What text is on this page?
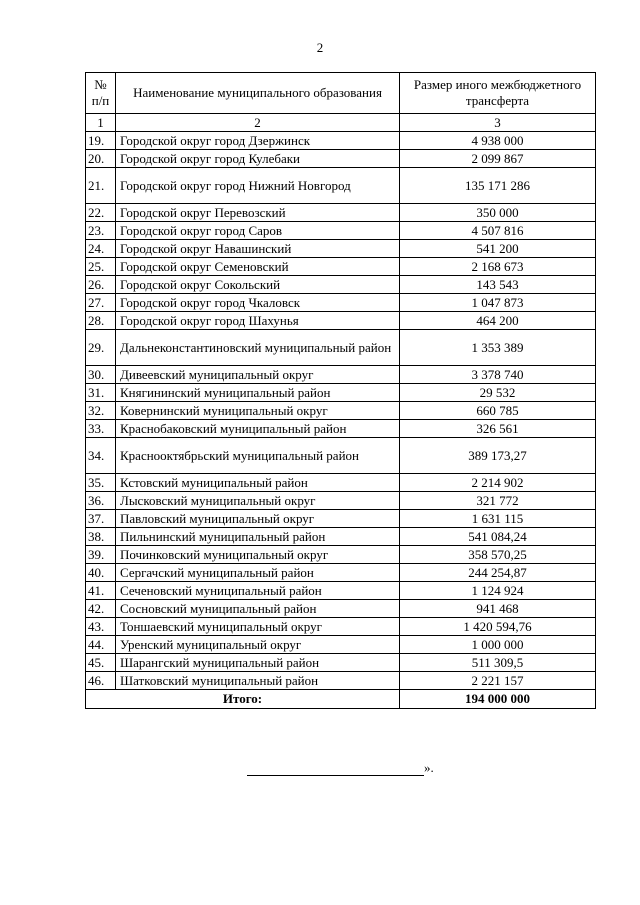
2
№ п/п	Наименование муниципального образования	Размер иного межбюджетного трансферта
1	2	3
19.	Городской округ город Дзержинск	4 938 000
20.	Городской округ город Кулебаки	2 099 867
21.	Городской округ город Нижний Новгород	135 171 286
22.	Городской округ Перевозский	350 000
23.	Городской округ город Саров	4 507 816
24.	Городской округ Навашинский	541 200
25.	Городской округ Семеновский	2 168 673
26.	Городской округ Сокольский	143 543
27.	Городской округ город Чкаловск	1 047 873
28.	Городской округ город Шахунья	464 200
29.	Дальнеконстантиновский муниципальный район	1 353 389
30.	Дивеевский муниципальный округ	3 378 740
31.	Княгининский муниципальный район	29 532
32.	Ковернинский муниципальный округ	660 785
33.	Краснобаковский муниципальный район	326 561
34.	Краснооктябрьский муниципальный район	389 173,27
35.	Кстовский муниципальный район	2 214 902
36.	Лысковский муниципальный округ	321 772
37.	Павловский муниципальный округ	1 631 115
38.	Пильнинский муниципальный район	541 084,24
39.	Починковский муниципальный округ	358 570,25
40.	Сергачский муниципальный район	244 254,87
41.	Сеченовский муниципальный район	1 124 924
42.	Сосновский муниципальный район	941 468
43.	Тоншаевский муниципальный округ	1 420 594,76
44.	Уренский муниципальный округ	1 000 000
45.	Шарангский муниципальный район	511 309,5
46.	Шатковский муниципальный район	2 221 157
Итого:		194 000 000
».
